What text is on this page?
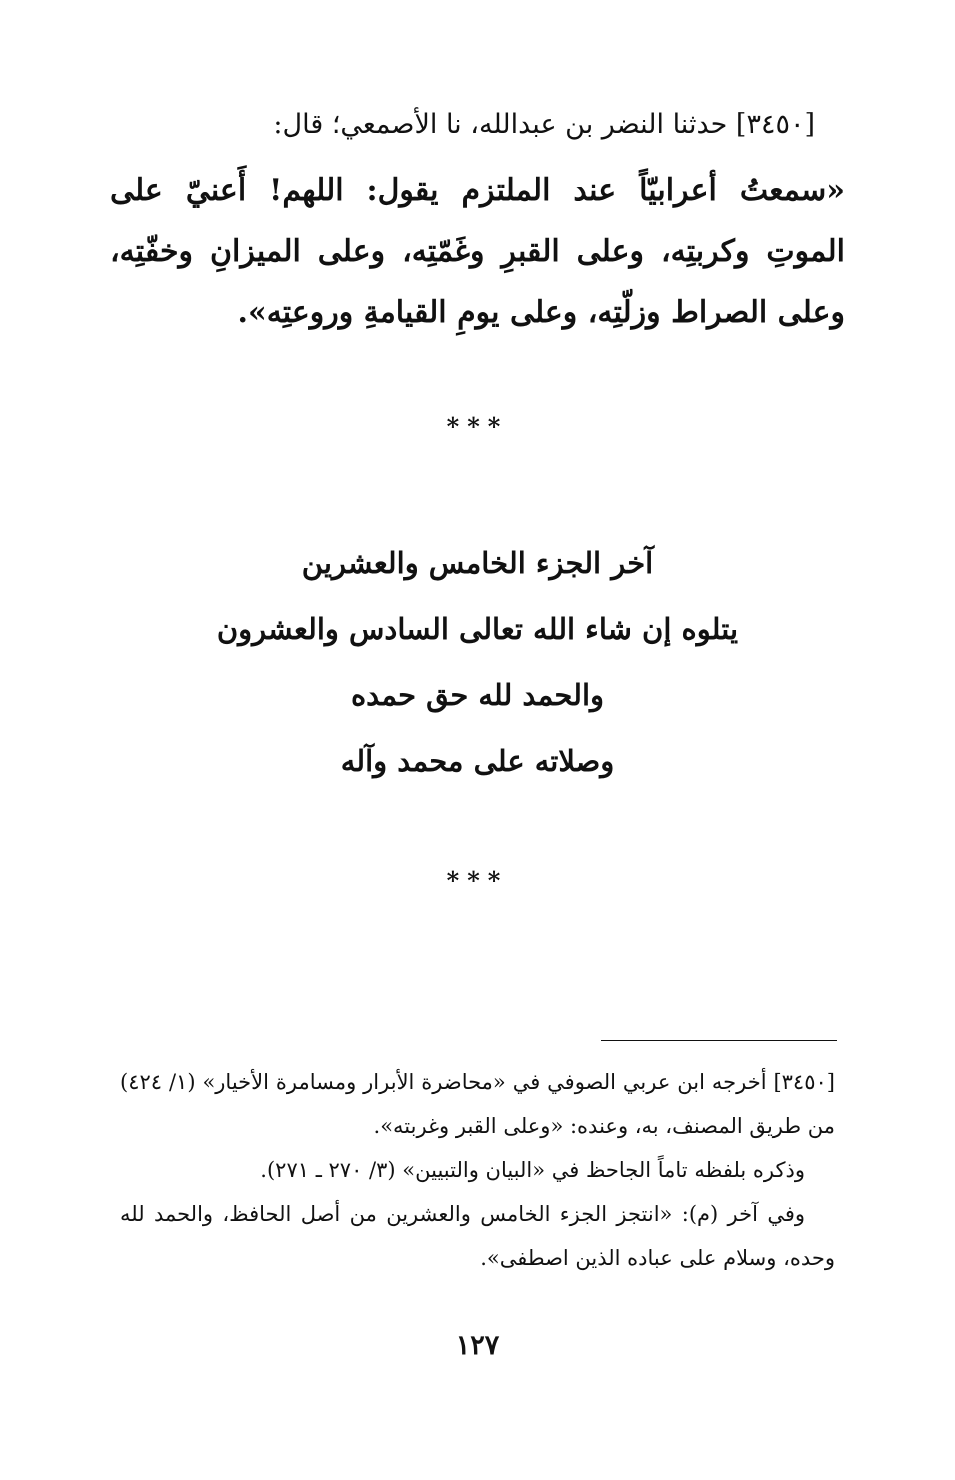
[٣٤٥٠] حدثنا النضر بن عبدالله، نا الأصمعي؛ قال:

«سمعتُ أعرابيّاً عند الملتزم يقول: اللهم! أَعنيّ على الموتِ وكربتِه، وعلى القبرِ وغَمّتِه، وعلى الميزانِ وخفّتِه، وعلى الصراط وزلّتِه، وعلى يومِ القيامةِ وروعتِه».

***
آخر الجزء الخامس والعشرين
يتلوه إن شاء الله تعالى السادس والعشرون
والحمد لله حق حمده
وصلاته على محمد وآله
***

[٣٤٥٠] أخرجه ابن عربي الصوفي في «محاضرة الأبرار ومسامرة الأخيار» (١/ ٤٢٤) من طريق المصنف، به، وعنده: «وعلى القبر وغربته».

وذكره بلفظه تاماً الجاحظ في «البيان والتبيين» (٣/ ٢٧٠ ـ ٢٧١).

وفي آخر (م): «انتجز الجزء الخامس والعشرين من أصل الحافظ، والحمد لله وحده، وسلام على عباده الذين اصطفى».

١٢٧
